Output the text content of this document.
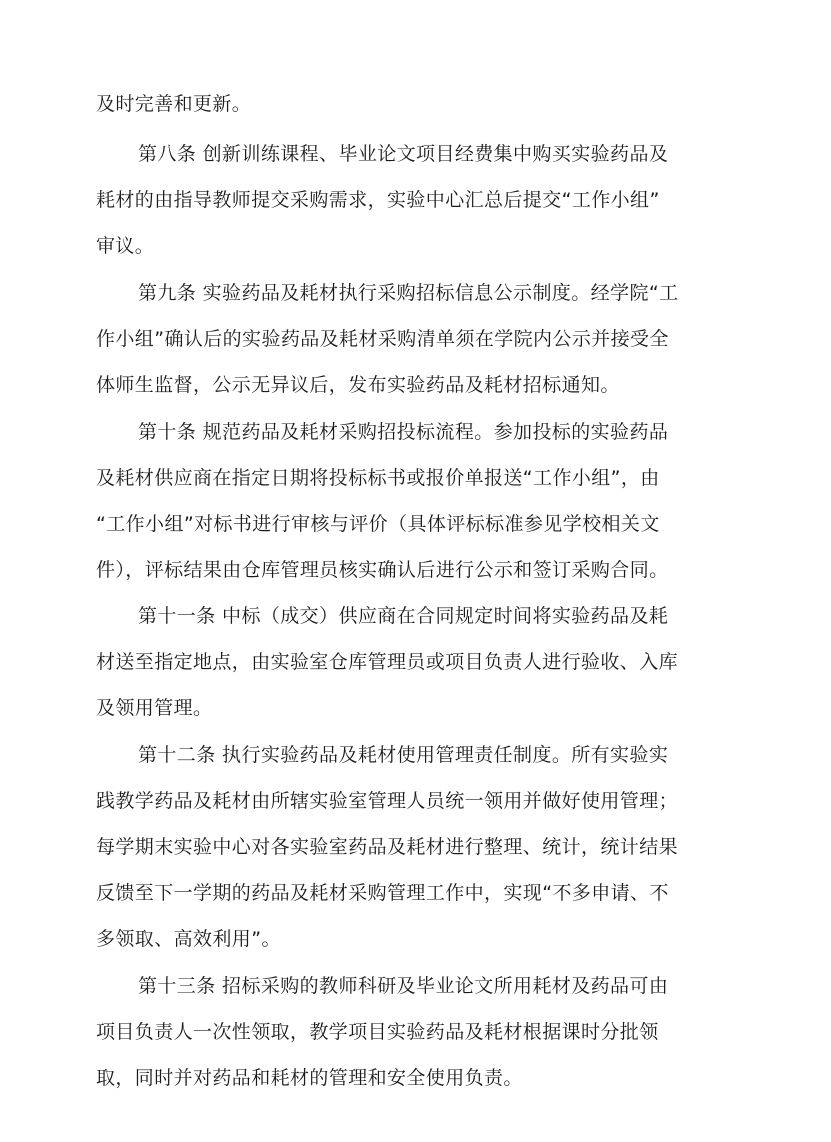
及时完善和更新。
第八条 创新训练课程、毕业论文项目经费集中购买实验药品及
耗材的由指导教师提交采购需求，实验中心汇总后提交“工作小组”
审议。
第九条 实验药品及耗材执行采购招标信息公示制度。经学院“工
作小组”确认后的实验药品及耗材采购清单须在学院内公示并接受全
体师生监督，公示无异议后，发布实验药品及耗材招标通知。
第十条 规范药品及耗材采购招投标流程。参加投标的实验药品
及耗材供应商在指定日期将投标标书或报价单报送“工作小组”，由
“工作小组”对标书进行审核与评价（具体评标标准参见学校相关文
件），评标结果由仓库管理员核实确认后进行公示和签订采购合同。
第十一条 中标（成交）供应商在合同规定时间将实验药品及耗
材送至指定地点，由实验室仓库管理员或项目负责人进行验收、入库
及领用管理。
第十二条 执行实验药品及耗材使用管理责任制度。所有实验实
践教学药品及耗材由所辖实验室管理人员统一领用并做好使用管理；
每学期末实验中心对各实验室药品及耗材进行整理、统计，统计结果
反馈至下一学期的药品及耗材采购管理工作中，实现“不多申请、不
多领取、高效利用”。
第十三条 招标采购的教师科研及毕业论文所用耗材及药品可由
项目负责人一次性领取，教学项目实验药品及耗材根据课时分批领
取，同时并对药品和耗材的管理和安全使用负责。
